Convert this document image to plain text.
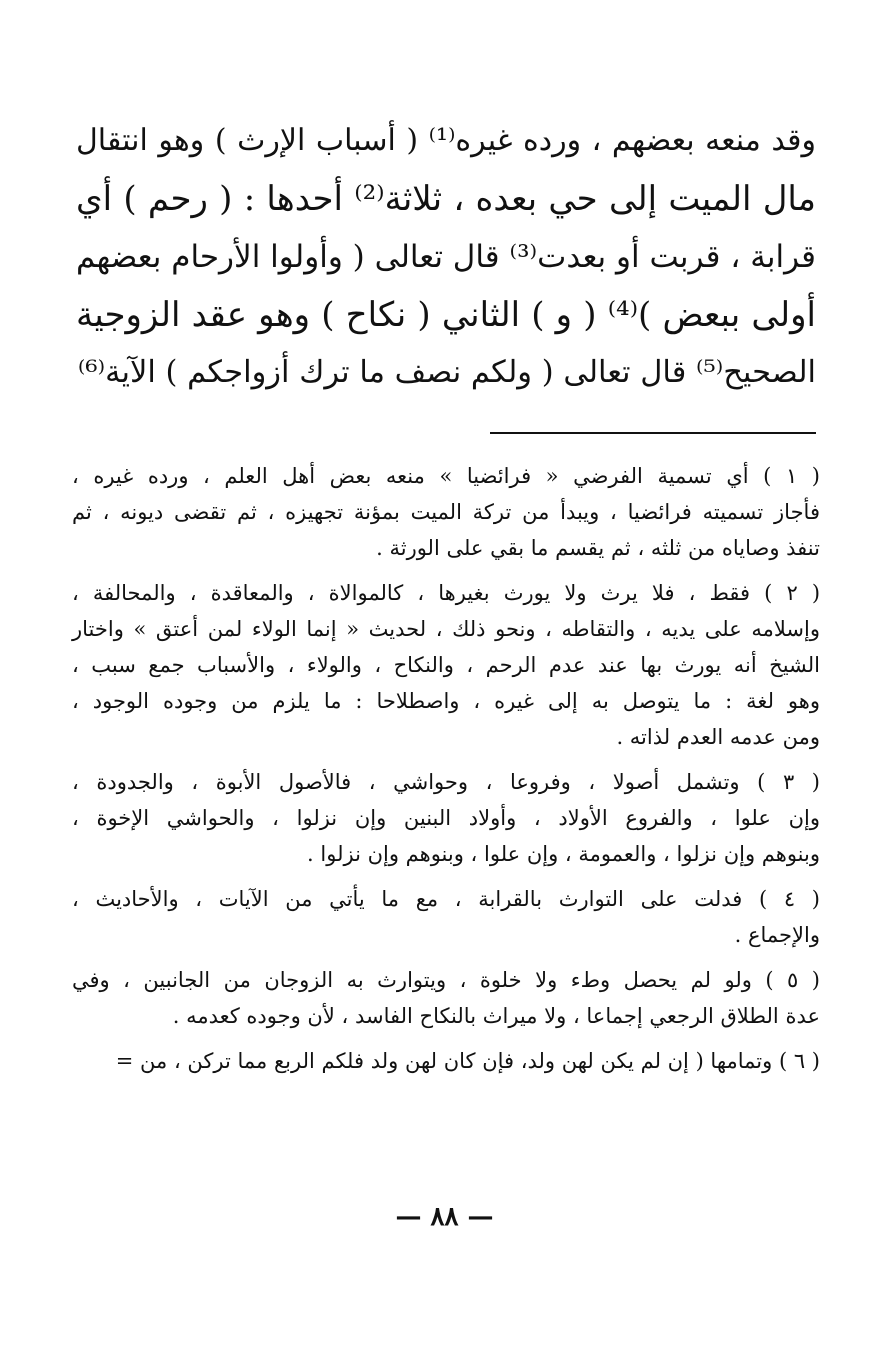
وقد منعه بعضهم ، ورده غيره⁽¹⁾ ( أسباب الإرث ) وهو انتقال
مال الميت إلى حي بعده ، ثلاثة⁽²⁾ أحدها : ( رحم ) أي
قرابة ، قربت أو بعدت⁽³⁾ قال تعالى ( وأولوا الأرحام بعضهم
أولى ببعض )⁽⁴⁾ ( و ) الثاني ( نكاح ) وهو عقد الزوجية
الصحيح⁽⁵⁾ قال تعالى ( ولكم نصف ما ترك أزواجكم ) الآية⁽⁶⁾
( ١ ) أي تسمية الفرضي « فرائضيا » منعه بعض أهل العلم ، ورده غيره ،
فأجاز تسميته فرائضيا ، ويبدأ من تركة الميت بمؤنة تجهيزه ، ثم تقضى ديونه ، ثم
تنفذ وصاياه من ثلثه ، ثم يقسم ما بقي على الورثة .
( ٢ ) فقط ، فلا يرث ولا يورث بغيرها ، كالموالاة ، والمعاقدة ، والمحالفة ،
وإسلامه على يديه ، والتقاطه ، ونحو ذلك ، لحديث « إنما الولاء لمن أعتق » واختار
الشيخ أنه يورث بها عند عدم الرحم ، والنكاح ، والولاء ، والأسباب جمع سبب ،
وهو لغة : ما يتوصل به إلى غيره ، واصطلاحا : ما يلزم من وجوده الوجود ،
ومن عدمه العدم لذاته .
( ٣ ) وتشمل أصولا ، وفروعا ، وحواشي ، فالأصول الأبوة ، والجدودة ،
وإن علوا ، والفروع الأولاد ، وأولاد البنين وإن نزلوا ، والحواشي الإخوة ،
وبنوهم وإن نزلوا ، والعمومة ، وإن علوا ، وبنوهم وإن نزلوا .
( ٤ ) فدلت على التوارث بالقرابة ، مع ما يأتي من الآيات ، والأحاديث ،
والإجماع .
( ٥ ) ولو لم يحصل وطء ولا خلوة ، ويتوارث به الزوجان من الجانبين ، وفي
عدة الطلاق الرجعي إجماعا ، ولا ميراث بالنكاح الفاسد ، لأن وجوده كعدمه .
( ٦ ) وتمامها ( إن لم يكن لهن ولد، فإن كان لهن ولد فلكم الربع مما تركن ، من =
— ٨٨ —
